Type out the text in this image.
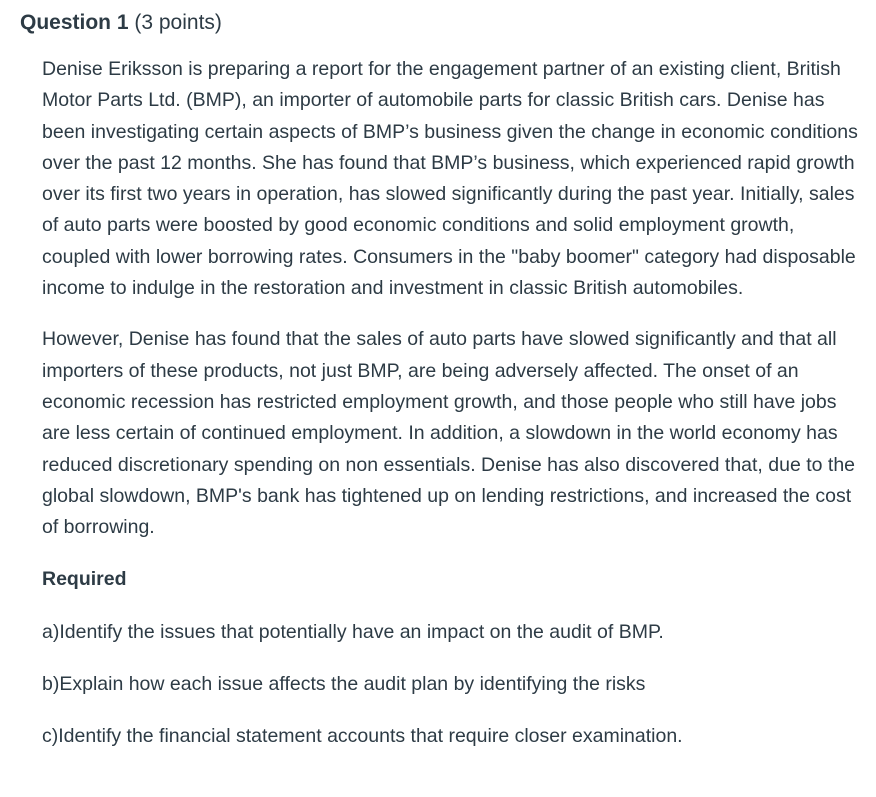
Question 1 (3 points)

Denise Eriksson is preparing a report for the engagement partner of an existing client, British Motor Parts Ltd. (BMP), an importer of automobile parts for classic British cars. Denise has been investigating certain aspects of BMP’s business given the change in economic conditions over the past 12 months. She has found that BMP’s business, which experienced rapid growth over its first two years in operation, has slowed significantly during the past year. Initially, sales of auto parts were boosted by good economic conditions and solid employment growth, coupled with lower borrowing rates. Consumers in the "baby boomer" category had disposable income to indulge in the restoration and investment in classic British automobiles.

However, Denise has found that the sales of auto parts have slowed significantly and that all importers of these products, not just BMP, are being adversely affected. The onset of an economic recession has restricted employment growth, and those people who still have jobs are less certain of continued employment. In addition, a slowdown in the world economy has reduced discretionary spending on non essentials. Denise has also discovered that, due to the global slowdown, BMP's bank has tightened up on lending restrictions, and increased the cost of borrowing.

Required

a)Identify the issues that potentially have an impact on the audit of BMP.

b)Explain how each issue affects the audit plan by identifying the risks

c)Identify the financial statement accounts that require closer examination.
